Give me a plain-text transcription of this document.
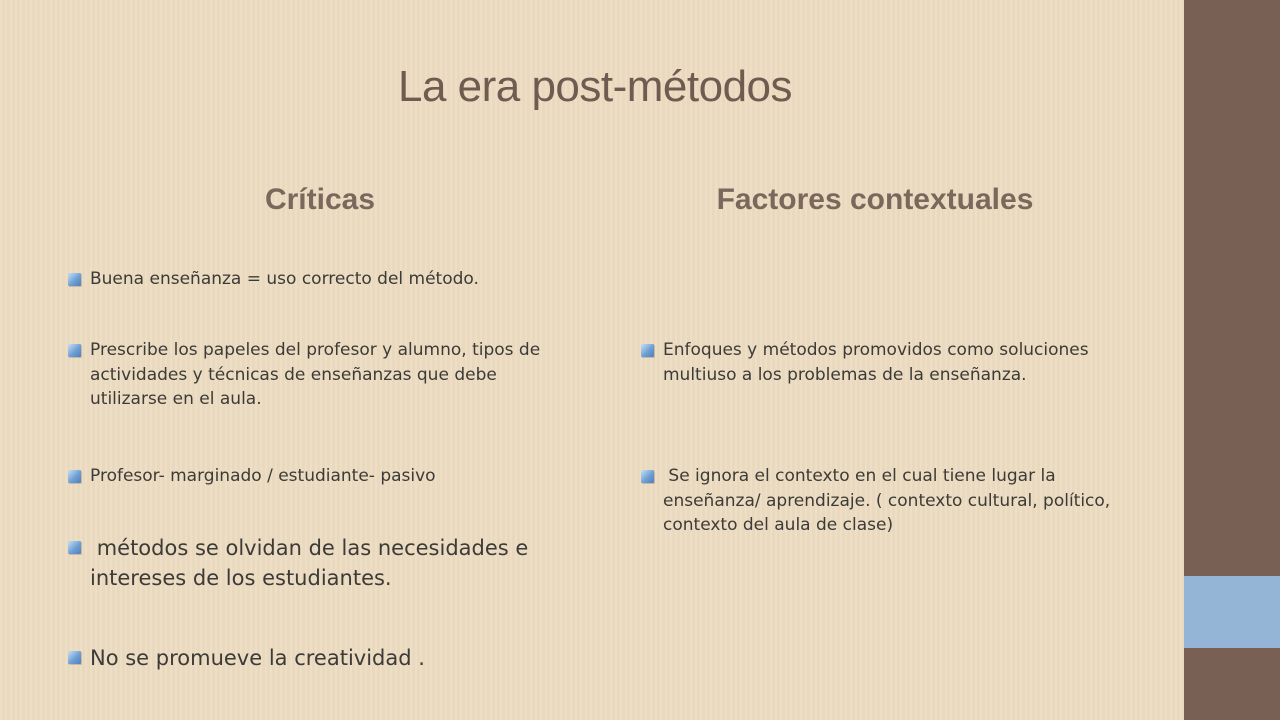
La era post-métodos
Críticas	Factores contextuales
Buena enseñanza = uso correcto del método.
Prescribe los papeles del profesor y alumno, tipos de actividades y técnicas de enseñanzas que debe utilizarse en el aula.
Profesor- marginado / estudiante- pasivo
métodos se olvidan de las necesidades e intereses de los estudiantes.
No se promueve la creatividad .
Enfoques y métodos promovidos como soluciones multiuso a los problemas de la enseñanza.
Se ignora el contexto en el cual tiene lugar la enseñanza/ aprendizaje. ( contexto cultural, político, contexto del aula de clase)
